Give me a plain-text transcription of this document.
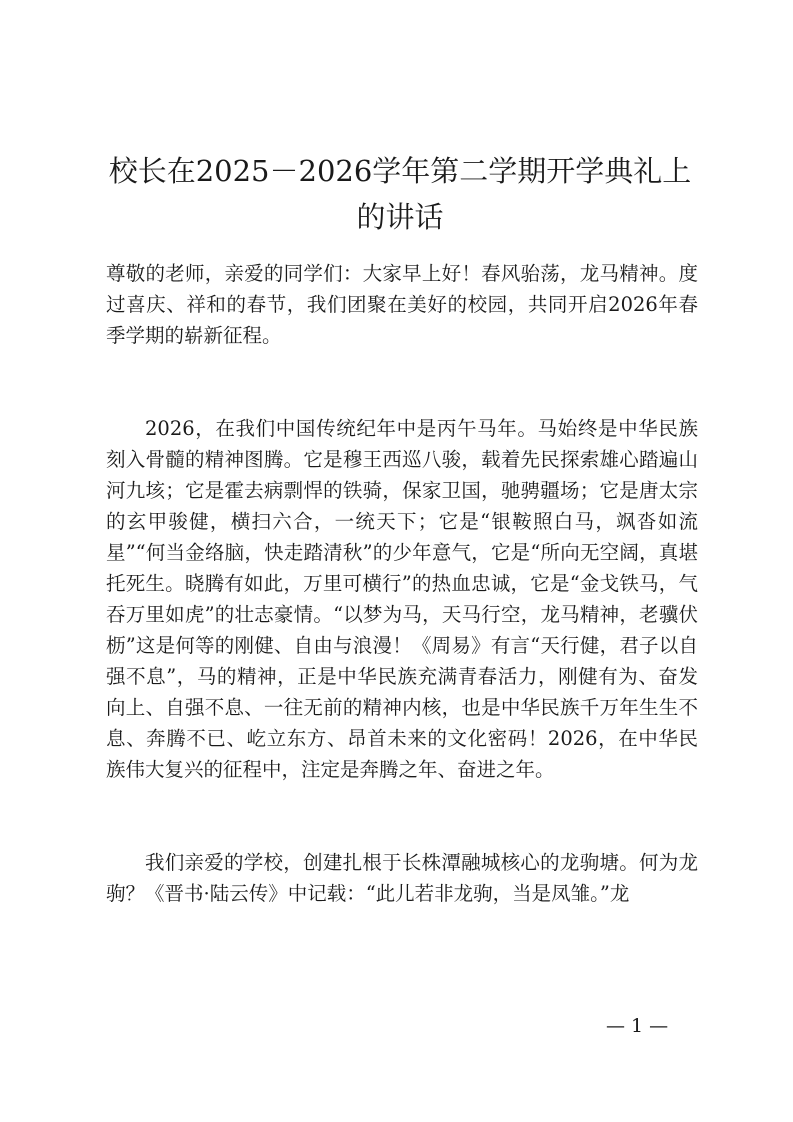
校长在2025－2026学年第二学期开学典礼上
的讲话

尊敬的老师，亲爱的同学们：大家早上好！春风骀荡，龙马精神。度过喜庆、祥和的春节，我们团聚在美好的校园，共同开启2026年春季学期的崭新征程。

2026，在我们中国传统纪年中是丙午马年。马始终是中华民族刻入骨髓的精神图腾。它是穆王西巡八骏，载着先民探索雄心踏遍山河九垓；它是霍去病剽悍的铁骑，保家卫国，驰骋疆场；它是唐太宗的玄甲骏健，横扫六合，一统天下；它是“银鞍照白马，飒沓如流星”“何当金络脑，快走踏清秋”的少年意气，它是“所向无空阔，真堪托死生。晓腾有如此，万里可横行”的热血忠诚，它是“金戈铁马，气吞万里如虎”的壮志豪情。“以梦为马，天马行空，龙马精神，老骥伏枥”这是何等的刚健、自由与浪漫！《周易》有言“天行健，君子以自强不息”，马的精神，正是中华民族充满青春活力，刚健有为、奋发向上、自强不息、一往无前的精神内核，也是中华民族千万年生生不息、奔腾不已、屹立东方、昂首未来的文化密码！2026，在中华民族伟大复兴的征程中，注定是奔腾之年、奋进之年。

我们亲爱的学校，创建扎根于长株潭融城核心的龙驹塘。何为龙驹？《晋书·陆云传》中记载：“此儿若非龙驹，当是凤雏。”龙

— 1 —
